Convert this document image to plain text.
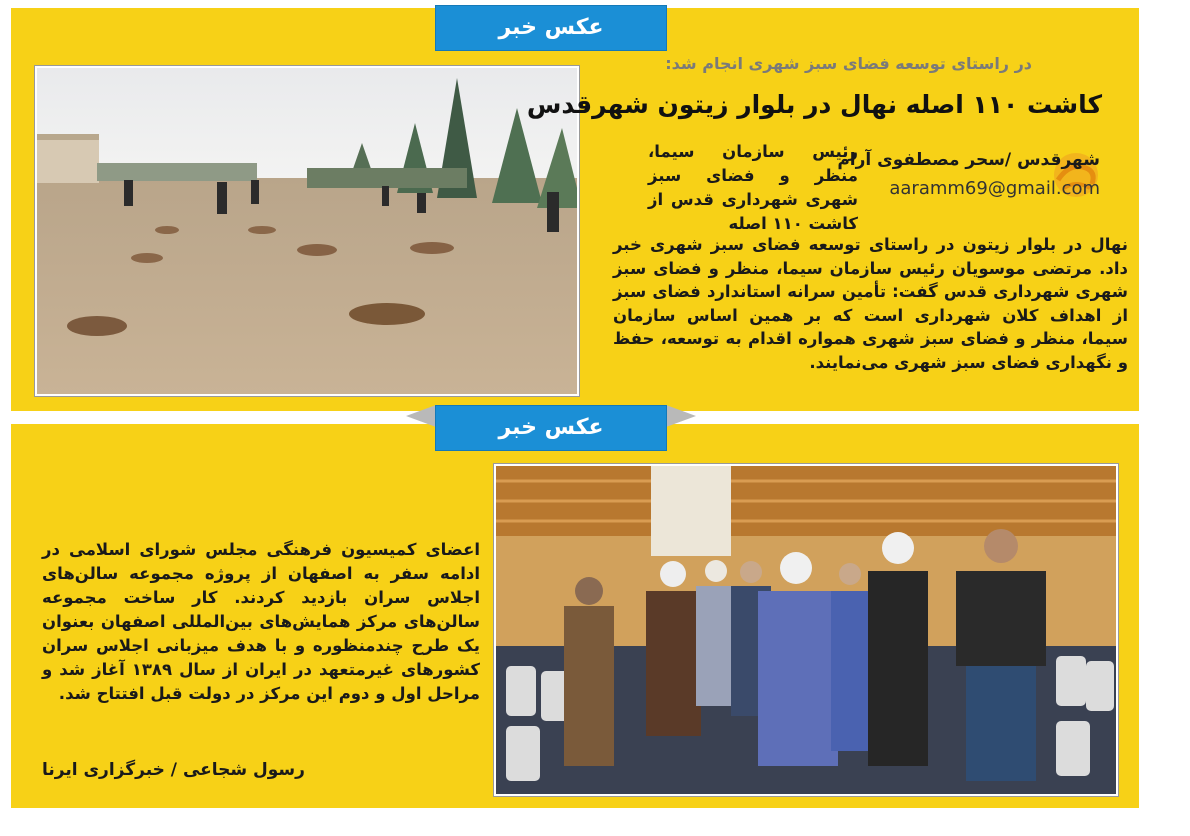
عکس خبر
عکس خبر
در راستای توسعه فضای سبز شهری انجام شد:
کاشت ۱۱۰ اصله نهال در بلوار زیتون شهرقدس
شهرقدس /سحر مصطفوی آرام
aaramm69@gmail.com
رئیس سازمان سیما، منظر و فضای سبز شهری شهرداری قدس از کاشت ۱۱۰ اصله
نهال در بلوار زیتون در راستای توسعه فضای سبز شهری خبر داد. مرتضی موسویان رئیس سازمان سیما، منظر و فضای سبز شهری شهرداری قدس گفت: تأمین سرانه استاندارد فضای سبز از اهداف کلان شهرداری است که بر همین اساس سازمان سیما، منظر و فضای سبز شهری همواره اقدام به توسعه، حفظ و نگهداری فضای سبز شهری می‌نمایند.
اعضای کمیسیون فرهنگی مجلس شورای اسلامی در ادامه سفر به اصفهان از پروژه مجموعه سالن‌های اجلاس سران بازدید کردند. کار ساخت مجموعه سالن‌های مرکز همایش‌های بین‌المللی اصفهان بعنوان یک طرح چندمنظوره و با هدف میزبانی اجلاس سران کشورهای غیرمتعهد در ایران از سال ۱۳۸۹ آغاز شد و مراحل اول و دوم این مرکز در دولت قبل افتتاح شد.
رسول شجاعی / خبرگزاری ایرنا
